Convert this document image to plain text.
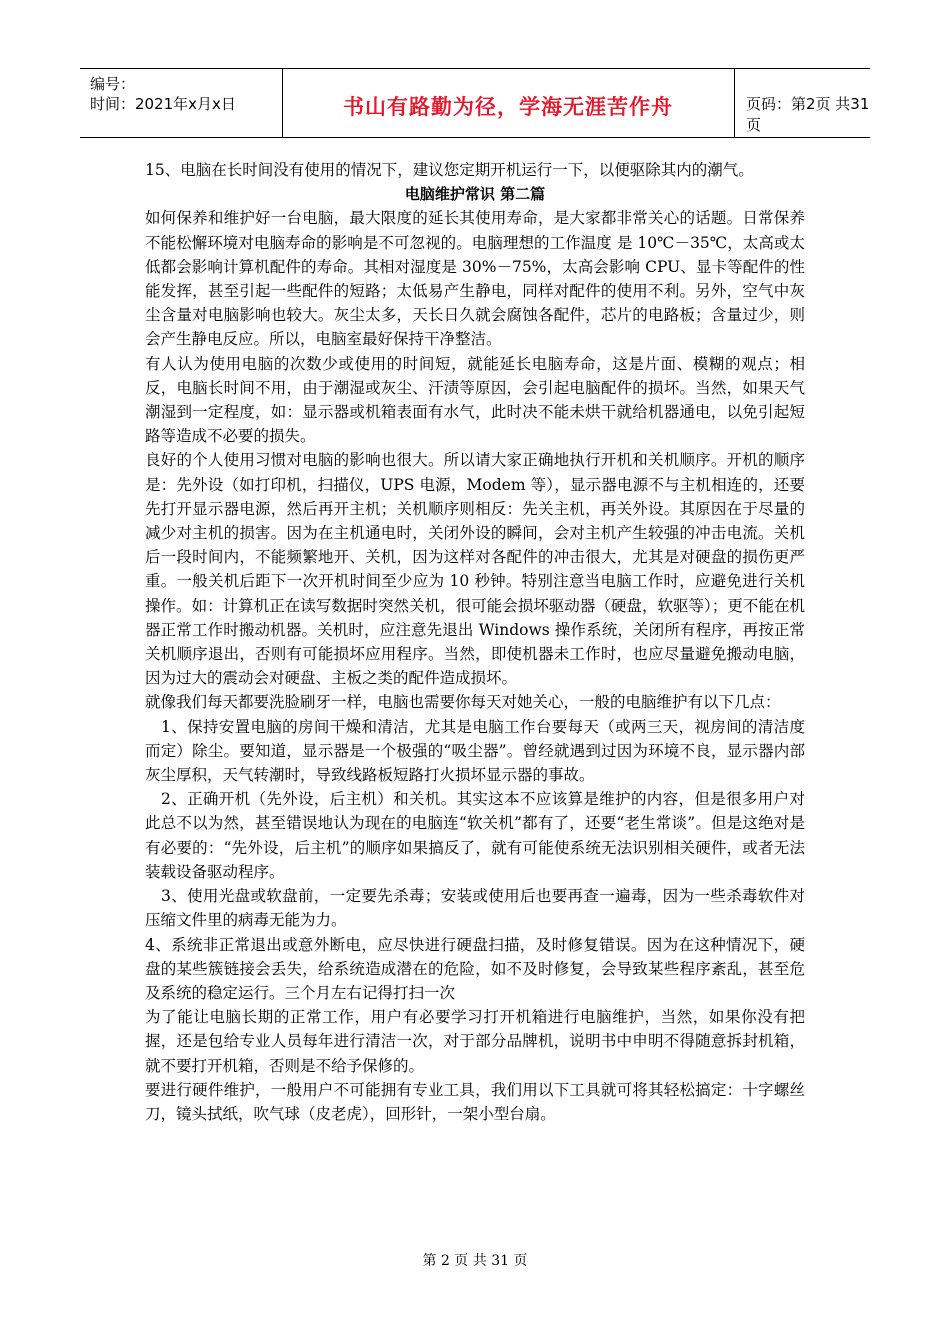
编号：
时间：2021年x月x日	书山有路勤为径，学海无涯苦作舟	页码：第2页 共31页

15、电脑在长时间没有使用的情况下，建议您定期开机运行一下，以便驱除其内的潮气。

电脑维护常识 第二篇

如何保养和维护好一台电脑，最大限度的延长其使用寿命，是大家都非常关心的话题。日常保养不能松懈环境对电脑寿命的影响是不可忽视的。电脑理想的工作温度 是 10℃－35℃，太高或太低都会影响计算机配件的寿命。其相对湿度是 30%－75%，太高会影响 CPU、显卡等配件的性能发挥，甚至引起一些配件的短路；太低易产生静电，同样对配件的使用不利。另外，空气中灰尘含量对电脑影响也较大。灰尘太多，天长日久就会腐蚀各配件，芯片的电路板；含量过少，则会产生静电反应。所以，电脑室最好保持干净整洁。

有人认为使用电脑的次数少或使用的时间短，就能延长电脑寿命，这是片面、模糊的观点；相反，电脑长时间不用，由于潮湿或灰尘、汗渍等原因，会引起电脑配件的损坏。当然，如果天气潮湿到一定程度，如：显示器或机箱表面有水气，此时决不能未烘干就给机器通电，以免引起短路等造成不必要的损失。

良好的个人使用习惯对电脑的影响也很大。所以请大家正确地执行开机和关机顺序。开机的顺序是：先外设（如打印机，扫描仪，UPS 电源，Modem 等），显示器电源不与主机相连的，还要先打开显示器电源，然后再开主机；关机顺序则相反：先关主机，再关外设。其原因在于尽量的减少对主机的损害。因为在主机通电时，关闭外设的瞬间，会对主机产生较强的冲击电流。关机后一段时间内，不能频繁地开、关机，因为这样对各配件的冲击很大，尤其是对硬盘的损伤更严重。一般关机后距下一次开机时间至少应为 10 秒钟。特别注意当电脑工作时，应避免进行关机操作。如：计算机正在读写数据时突然关机，很可能会损坏驱动器（硬盘，软驱等）；更不能在机器正常工作时搬动机器。关机时，应注意先退出 Windows 操作系统，关闭所有程序，再按正常关机顺序退出，否则有可能损坏应用程序。当然，即使机器未工作时，也应尽量避免搬动电脑，因为过大的震动会对硬盘、主板之类的配件造成损坏。

就像我们每天都要洗脸刷牙一样，电脑也需要你每天对她关心，一般的电脑维护有以下几点：

1、保持安置电脑的房间干燥和清洁，尤其是电脑工作台要每天（或两三天，视房间的清洁度而定）除尘。要知道，显示器是一个极强的“吸尘器”。曾经就遇到过因为环境不良，显示器内部灰尘厚积，天气转潮时，导致线路板短路打火损坏显示器的事故。

2、正确开机（先外设，后主机）和关机。其实这本不应该算是维护的内容，但是很多用户对此总不以为然，甚至错误地认为现在的电脑连“软关机”都有了，还要“老生常谈”。但是这绝对是有必要的：“先外设，后主机”的顺序如果搞反了，就有可能使系统无法识别相关硬件，或者无法装载设备驱动程序。

3、使用光盘或软盘前，一定要先杀毒；安装或使用后也要再查一遍毒，因为一些杀毒软件对压缩文件里的病毒无能为力。

4、系统非正常退出或意外断电，应尽快进行硬盘扫描，及时修复错误。因为在这种情况下，硬盘的某些簇链接会丢失，给系统造成潜在的危险，如不及时修复，会导致某些程序紊乱，甚至危及系统的稳定运行。三个月左右记得打扫一次

为了能让电脑长期的正常工作，用户有必要学习打开机箱进行电脑维护，当然，如果你没有把握，还是包给专业人员每年进行清洁一次，对于部分品牌机，说明书中申明不得随意拆封机箱，就不要打开机箱，否则是不给予保修的。

要进行硬件维护，一般用户不可能拥有专业工具，我们用以下工具就可将其轻松搞定：十字螺丝刀，镜头拭纸，吹气球（皮老虎），回形针，一架小型台扇。

第 2 页 共 31 页
